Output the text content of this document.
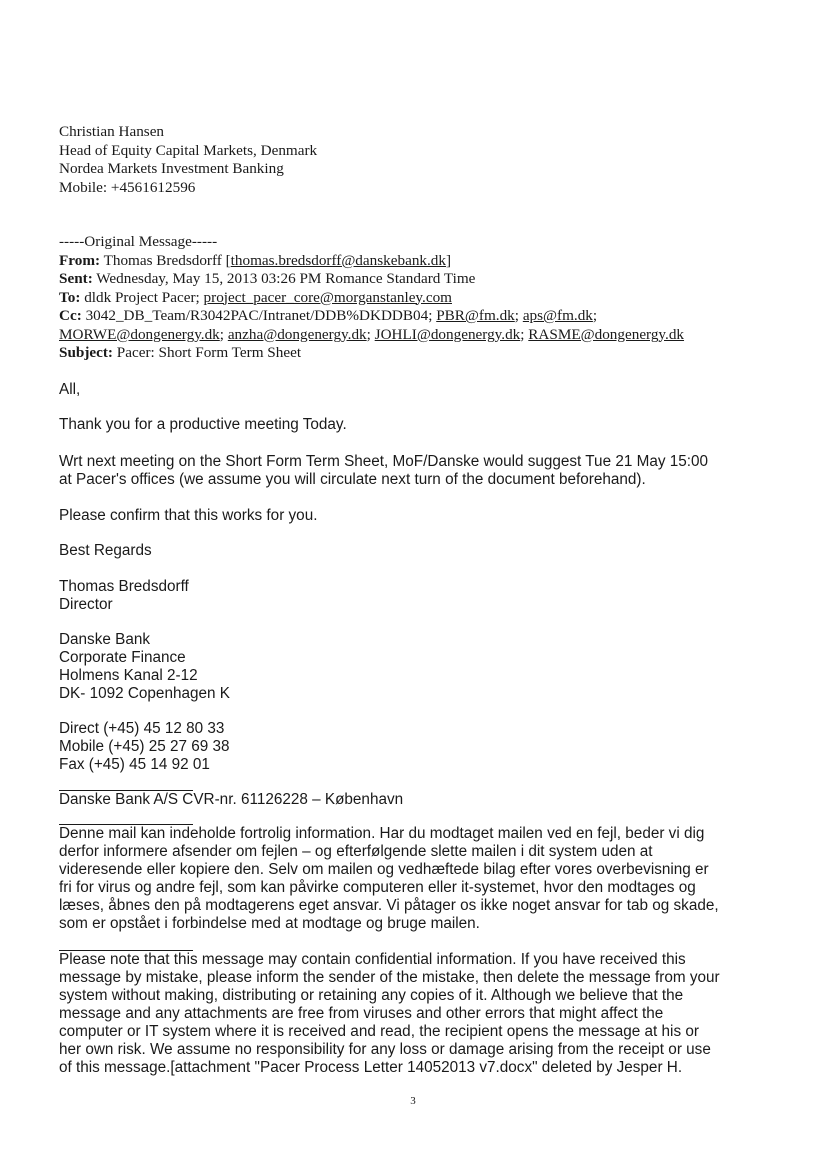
Christian Hansen
Head of Equity Capital Markets, Denmark
Nordea Markets Investment Banking
Mobile: +4561612596
-----Original Message-----
From: Thomas Bredsdorff [thomas.bredsdorff@danskebank.dk]
Sent: Wednesday, May 15, 2013 03:26 PM Romance Standard Time
To: dldk Project Pacer; project_pacer_core@morganstanley.com
Cc: 3042_DB_Team/R3042PAC/Intranet/DDB%DKDDB04; PBR@fm.dk; aps@fm.dk;
MORWE@dongenergy.dk; anzha@dongenergy.dk; JOHLI@dongenergy.dk; RASME@dongenergy.dk
Subject: Pacer: Short Form Term Sheet
All,
Thank you for a productive meeting Today.
Wrt next meeting on the Short Form Term Sheet, MoF/Danske would suggest Tue 21 May 15:00
at Pacer's offices (we assume you will circulate next turn of the document beforehand).
Please confirm that this works for you.
Best Regards
Thomas Bredsdorff
Director
Danske Bank
Corporate Finance
Holmens Kanal 2-12
DK- 1092 Copenhagen K
Direct (+45) 45 12 80 33
Mobile (+45) 25 27 69 38
Fax (+45) 45 14 92 01
Danske Bank A/S CVR-nr. 61126228 – København
Denne mail kan indeholde fortrolig information. Har du modtaget mailen ved en fejl, beder vi dig
derfor informere afsender om fejlen – og efterfølgende slette mailen i dit system uden at
videresende eller kopiere den. Selv om mailen og vedhæftede bilag efter vores overbevisning er
fri for virus og andre fejl, som kan påvirke computeren eller it-systemet, hvor den modtages og
læses, åbnes den på modtagerens eget ansvar. Vi påtager os ikke noget ansvar for tab og skade,
som er opstået i forbindelse med at modtage og bruge mailen.
Please note that this message may contain confidential information. If you have received this
message by mistake, please inform the sender of the mistake, then delete the message from your
system without making, distributing or retaining any copies of it. Although we believe that the
message and any attachments are free from viruses and other errors that might affect the
computer or IT system where it is received and read, the recipient opens the message at his or
her own risk. We assume no responsibility for any loss or damage arising from the receipt or use
of this message.[attachment "Pacer Process Letter 14052013 v7.docx" deleted by Jesper H.
3
